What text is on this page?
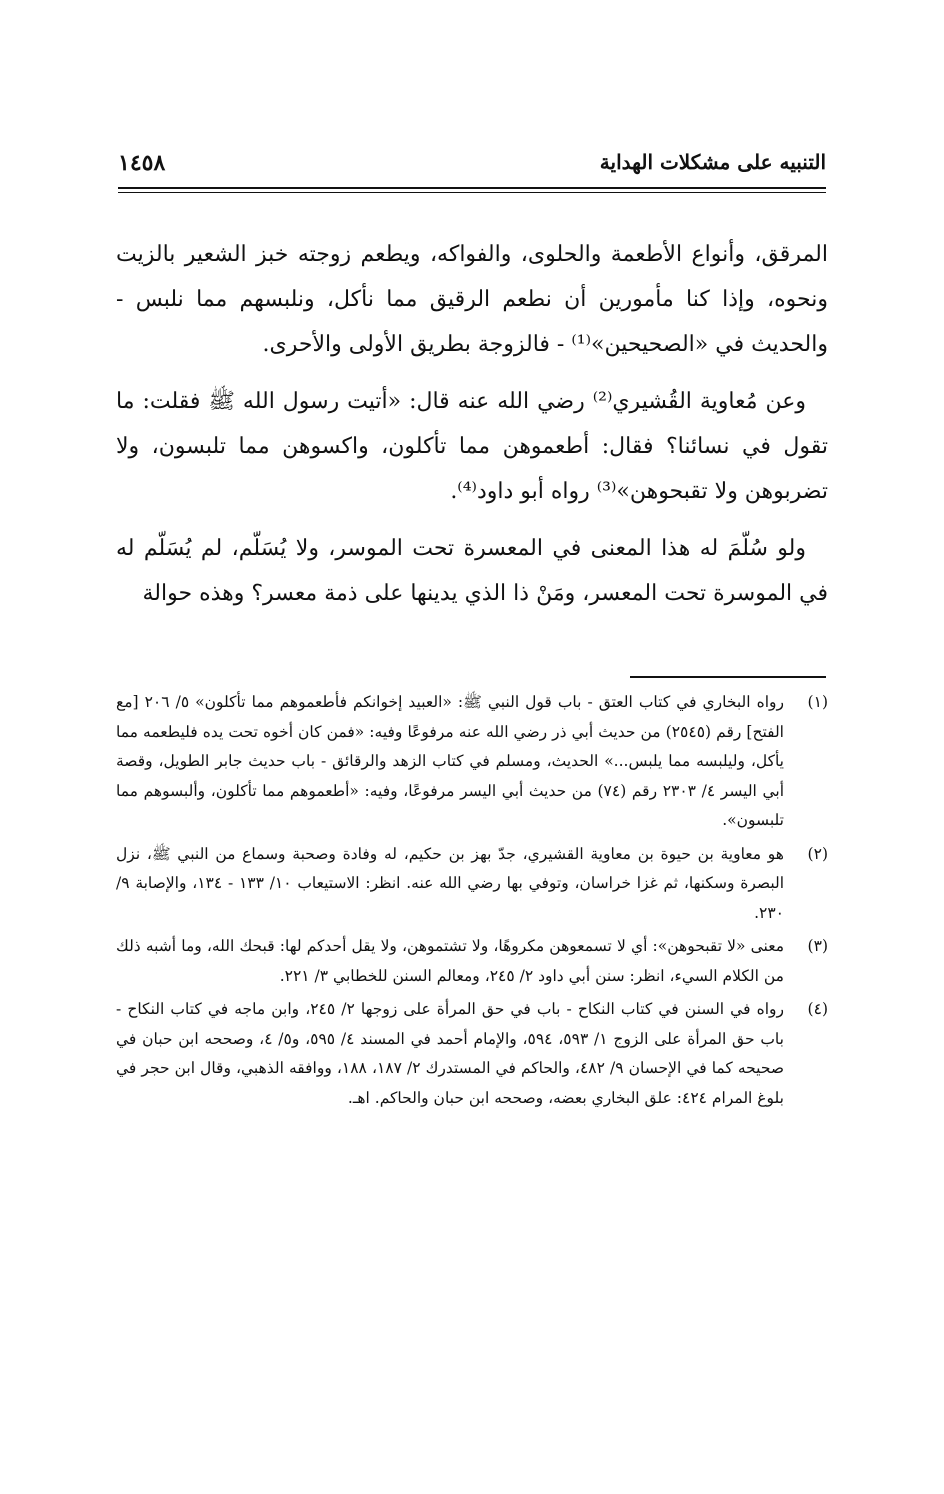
التنبيه على مشكلات الهداية
١٤٥٨

المرقق، وأنواع الأطعمة والحلوى، والفواكه، ويطعم زوجته خبز الشعير بالزيت ونحوه، وإذا كنا مأمورين أن نطعم الرقيق مما نأكل، ونلبسهم مما نلبس - والحديث في «الصحيحين»⁽¹⁾ - فالزوجة بطريق الأولى والأحرى.

وعن مُعاوية القُشيري⁽²⁾ رضي الله عنه قال: «أتيت رسول الله ﷺ فقلت: ما تقول في نسائنا؟ فقال: أطعموهن مما تأكلون، واكسوهن مما تلبسون، ولا تضربوهن ولا تقبحوهن»⁽³⁾ رواه أبو داود⁽⁴⁾.

ولو سُلّمَ له هذا المعنى في المعسرة تحت الموسر، ولا يُسَلّم، لم يُسَلّم له في الموسرة تحت المعسر، ومَنْ ذا الذي يدينها على ذمة معسر؟ وهذه حوالة

(١)
رواه البخاري في كتاب العتق - باب قول النبي ﷺ: «العبيد إخوانكم فأطعموهم مما تأكلون» ٥/ ٢٠٦ [مع الفتح] رقم (٢٥٤٥) من حديث أبي ذر رضي الله عنه مرفوعًا وفيه: «فمن كان أخوه تحت يده فليطعمه مما يأكل، وليلبسه مما يلبس...» الحديث، ومسلم في كتاب الزهد والرقائق - باب حديث جابر الطويل، وقصة أبي اليسر ٤/ ٢٣٠٣ رقم (٧٤) من حديث أبي اليسر مرفوعًا، وفيه: «أطعموهم مما تأكلون، وألبسوهم مما تلبسون».
(٢)
هو معاوية بن حيوة بن معاوية القشيري، جدّ بهز بن حكيم، له وفادة وصحبة وسماع من النبي ﷺ، نزل البصرة وسكنها، ثم غزا خراسان، وتوفي بها رضي الله عنه. انظر: الاستيعاب ١٠/ ١٣٣ - ١٣٤، والإصابة ٩/ ٢٣٠.
(٣)
معنى «لا تقبحوهن»: أي لا تسمعوهن مكروهًا، ولا تشتموهن، ولا يقل أحدكم لها: قبحك الله، وما أشبه ذلك من الكلام السيء، انظر: سنن أبي داود ٢/ ٢٤٥، ومعالم السنن للخطابي ٣/ ٢٢١.
(٤)
رواه في السنن في كتاب النكاح - باب في حق المرأة على زوجها ٢/ ٢٤٥، وابن ماجه في كتاب النكاح - باب حق المرأة على الزوج ١/ ٥٩٣، ٥٩٤، والإمام أحمد في المسند ٤/ ٥٩٥، و٥/ ٤، وصححه ابن حبان في صحيحه كما في الإحسان ٩/ ٤٨٢، والحاكم في المستدرك ٢/ ١٨٧، ١٨٨، ووافقه الذهبي، وقال ابن حجر في بلوغ المرام ٤٢٤: علق البخاري بعضه، وصححه ابن حبان والحاكم. اهـ.
